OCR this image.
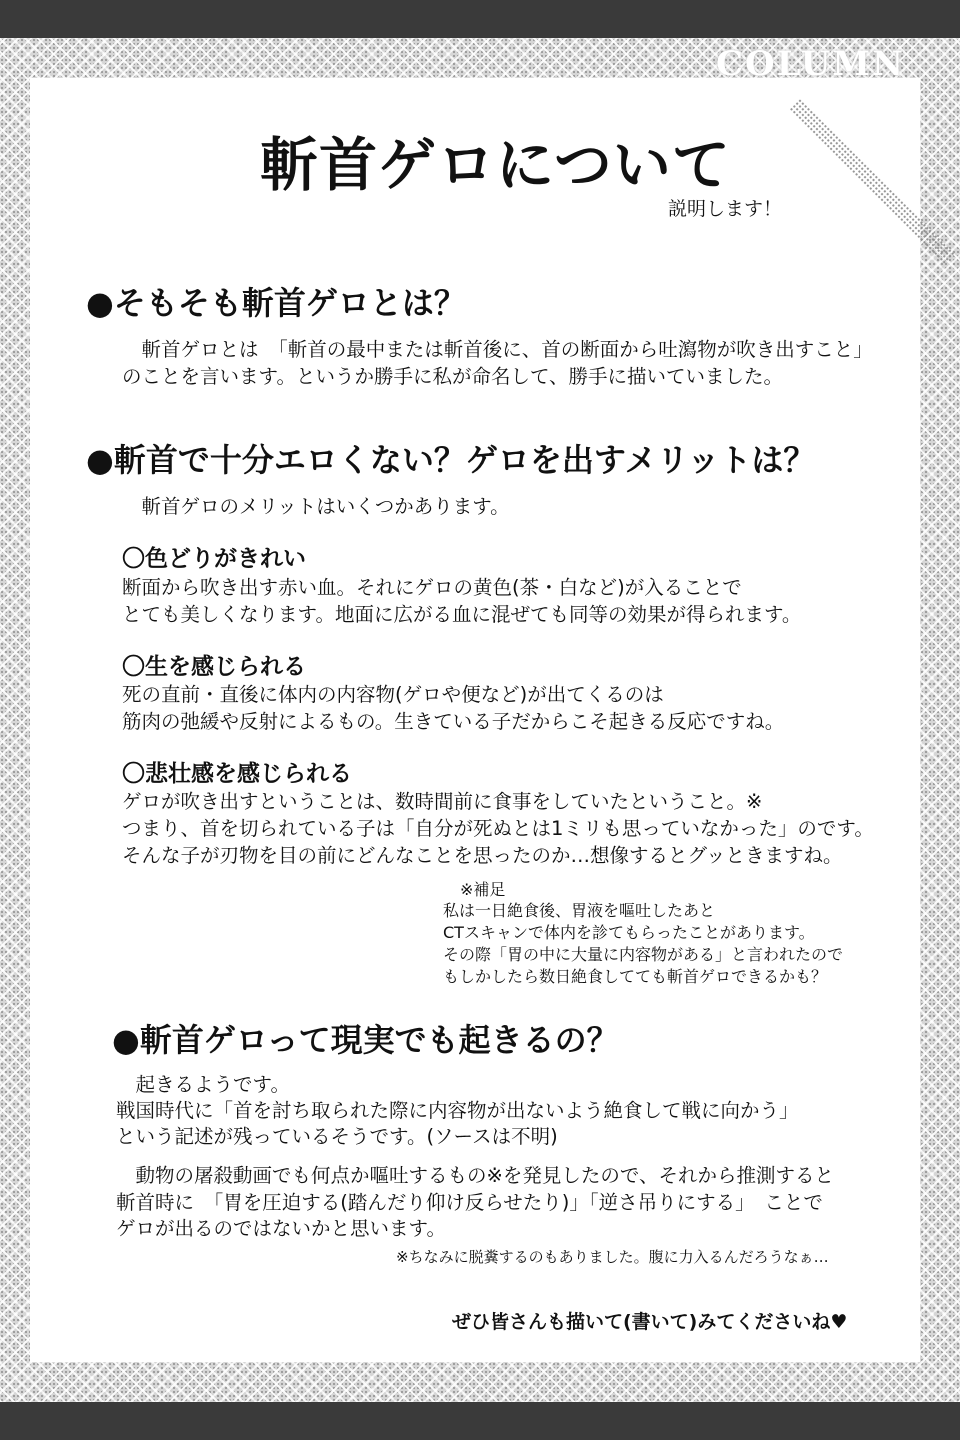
COLUMN
斬首ゲロについて
説明します！
●そもそも斬首ゲロとは？
　斬首ゲロとは　「斬首の最中または斬首後に、首の断面から吐瀉物が吹き出すこと」
のことを言います。というか勝手に私が命名して、勝手に描いていました。
●斬首で十分エロくない？ゲロを出すメリットは？
　斬首ゲロのメリットはいくつかあります。
〇色どりがきれい
断面から吹き出す赤い血。それにゲロの黄色(茶・白など)が入ることで
とても美しくなります。地面に広がる血に混ぜても同等の効果が得られます。
〇生を感じられる
死の直前・直後に体内の内容物(ゲロや便など)が出てくるのは
筋肉の弛緩や反射によるもの。生きている子だからこそ起きる反応ですね。
〇悲壮感を感じられる
ゲロが吹き出すということは、数時間前に食事をしていたということ。※
つまり、首を切られている子は「自分が死ぬとは1ミリも思っていなかった」のです。
そんな子が刃物を目の前にどんなことを思ったのか…想像するとグッときますね。
※補足
私は一日絶食後、胃液を嘔吐したあと
CTスキャンで体内を診てもらったことがあります。
その際「胃の中に大量に内容物がある」と言われたので
もしかしたら数日絶食してても斬首ゲロできるかも？
●斬首ゲロって現実でも起きるの？
　起きるようです。
戦国時代に「首を討ち取られた際に内容物が出ないよう絶食して戦に向かう」
という記述が残っているそうです。(ソースは不明)
　動物の屠殺動画でも何点か嘔吐するもの※を発見したので、それから推測すると
斬首時に　「胃を圧迫する(踏んだり仰け反らせたり)」「逆さ吊りにする」　ことで
ゲロが出るのではないかと思います。
※ちなみに脱糞するのもありました。腹に力入るんだろうなぁ…
ぜひ皆さんも描いて(書いて)みてくださいね♥
